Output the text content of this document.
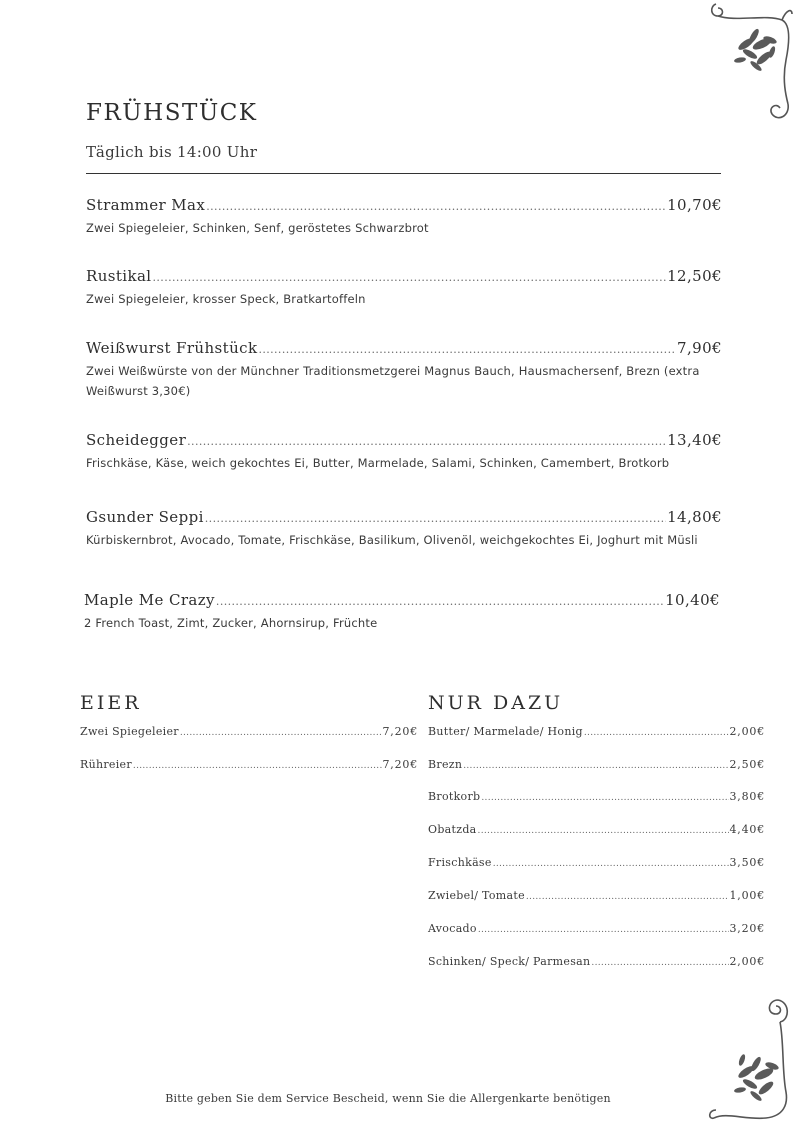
FRÜHSTÜCK
Täglich bis 14:00 Uhr
Strammer Max .....	10,70€
Zwei Spiegeleier, Schinken, Senf, geröstetes Schwarzbrot
Rustikal .....	12,50€
Zwei Spiegeleier, krosser Speck, Bratkartoffeln
Weißwurst Frühstück .....	7,90€
Zwei Weißwürste von der Münchner Traditionsmetzgerei Magnus Bauch, Hausmachersenf, Brezn (extra Weißwurst 3,30€)
Scheidegger .....	13,40€
Frischkäse, Käse, weich gekochtes Ei, Butter, Marmelade, Salami, Schinken, Camembert, Brotkorb
Gsunder Seppi .....	14,80€
Kürbiskernbrot, Avocado, Tomate, Frischkäse, Basilikum, Olivenöl, weichgekochtes Ei, Joghurt mit Müsli
Maple Me Crazy .....	10,40€
2 French Toast, Zimt, Zucker, Ahornsirup, Früchte
EIER
Zwei Spiegeleier .....	7,20€
Rühreier .....	7,20€
NUR DAZU
Butter/ Marmelade/ Honig .....	2,00€
Brezn .....	2,50€
Brotkorb .....	3,80€
Obatzda .....	4,40€
Frischkäse .....	3,50€
Zwiebel/ Tomate .....	1,00€
Avocado .....	3,20€
Schinken/ Speck/ Parmesan .....	2,00€
Bitte geben Sie dem Service Bescheid, wenn Sie die Allergenkarte benötigen
